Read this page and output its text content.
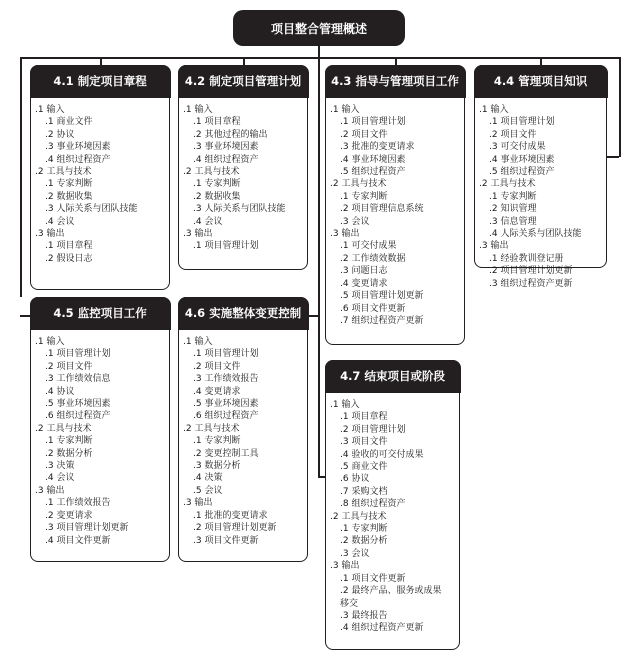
项目整合管理概述
4.1 制定项目章程
.1 输入
.1 商业文件
.2 协议
.3 事业环境因素
.4 组织过程资产
.2 工具与技术
.1 专家判断
.2 数据收集
.3 人际关系与团队技能
.4 会议
.3 输出
.1 项目章程
.2 假设日志
4.2 制定项目管理计划
.1 输入
.1 项目章程
.2 其他过程的输出
.3 事业环境因素
.4 组织过程资产
.2 工具与技术
.1 专家判断
.2 数据收集
.3 人际关系与团队技能
.4 会议
.3 输出
.1 项目管理计划
4.3 指导与管理项目工作
.1 输入
.1 项目管理计划
.2 项目文件
.3 批准的变更请求
.4 事业环境因素
.5 组织过程资产
.2 工具与技术
.1 专家判断
.2 项目管理信息系统
.3 会议
.3 输出
.1 可交付成果
.2 工作绩效数据
.3 问题日志
.4 变更请求
.5 项目管理计划更新
.6 项目文件更新
.7 组织过程资产更新
4.4 管理项目知识
.1 输入
.1 项目管理计划
.2 项目文件
.3 可交付成果
.4 事业环境因素
.5 组织过程资产
.2 工具与技术
.1 专家判断
.2 知识管理
.3 信息管理
.4 人际关系与团队技能
.3 输出
.1 经验教训登记册
.2 项目管理计划更新
.3 组织过程资产更新
4.5 监控项目工作
.1 输入
.1 项目管理计划
.2 项目文件
.3 工作绩效信息
.4 协议
.5 事业环境因素
.6 组织过程资产
.2 工具与技术
.1 专家判断
.2 数据分析
.3 决策
.4 会议
.3 输出
.1 工作绩效报告
.2 变更请求
.3 项目管理计划更新
.4 项目文件更新
4.6 实施整体变更控制
.1 输入
.1 项目管理计划
.2 项目文件
.3 工作绩效报告
.4 变更请求
.5 事业环境因素
.6 组织过程资产
.2 工具与技术
.1 专家判断
.2 变更控制工具
.3 数据分析
.4 决策
.5 会议
.3 输出
.1 批准的变更请求
.2 项目管理计划更新
.3 项目文件更新
4.7 结束项目或阶段
.1 输入
.1 项目章程
.2 项目管理计划
.3 项目文件
.4 验收的可交付成果
.5 商业文件
.6 协议
.7 采购文档
.8 组织过程资产
.2 工具与技术
.1 专家判断
.2 数据分析
.3 会议
.3 输出
.1 项目文件更新
.2 最终产品、服务或成果移交
.3 最终报告
.4 组织过程资产更新
